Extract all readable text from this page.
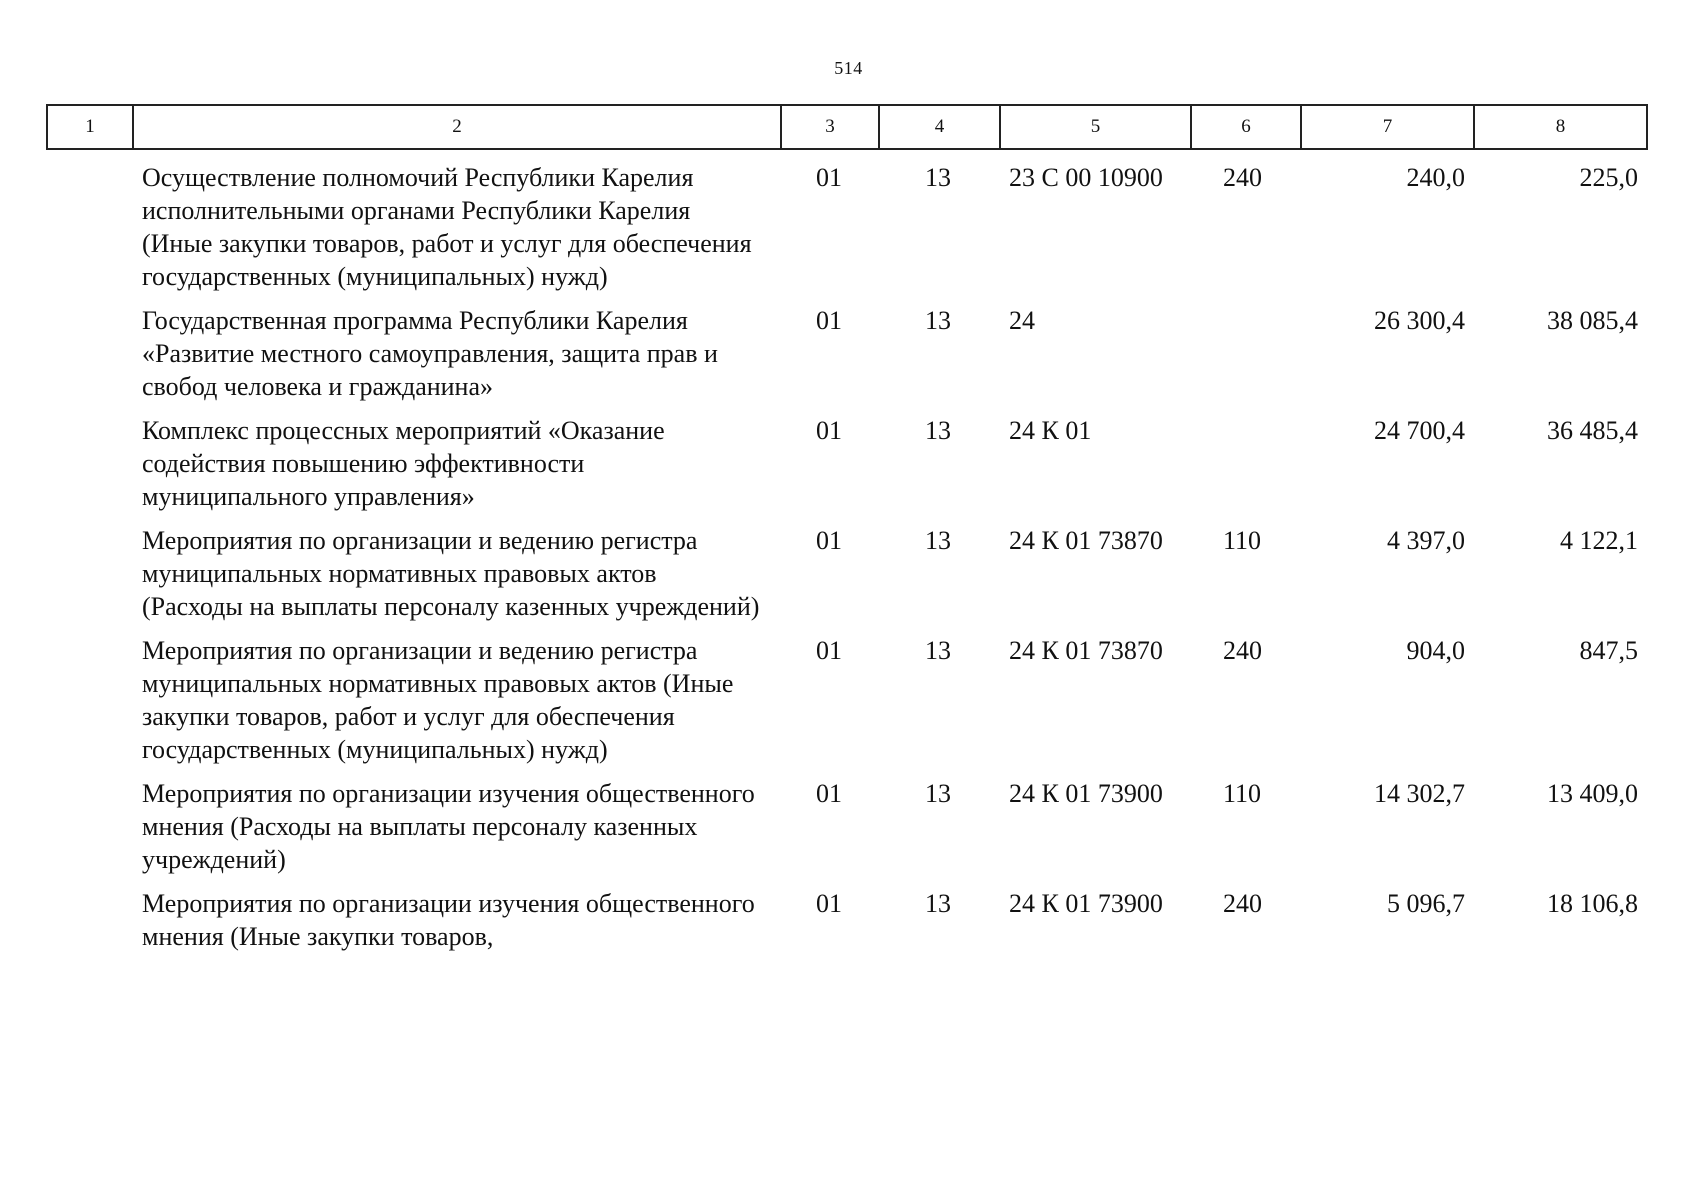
514
1	2	3	4	5	6	7	8
	Осуществление полномочий Республики Карелия исполнительными органами Республики Карелия (Иные закупки товаров, работ и услуг для обеспечения государственных (муниципальных) нужд)	01	13	23 С 00 10900	240	240,0	225,0
	Государственная программа Республики Карелия «Развитие местного самоуправления, защита прав и свобод человека и гражданина»	01	13	24		26 300,4	38 085,4
	Комплекс процессных мероприятий «Оказание содействия повышению эффективности муниципального управления»	01	13	24 К 01		24 700,4	36 485,4
	Мероприятия по организации и ведению регистра муниципальных нормативных правовых актов (Расходы на выплаты персоналу казенных учреждений)	01	13	24 К 01 73870	110	4 397,0	4 122,1
	Мероприятия по организации и ведению регистра муниципальных нормативных правовых актов (Иные закупки товаров, работ и услуг для обеспечения государственных (муниципальных) нужд)	01	13	24 К 01 73870	240	904,0	847,5
	Мероприятия по организации изучения общественного мнения (Расходы на выплаты персоналу казенных учреждений)	01	13	24 К 01 73900	110	14 302,7	13 409,0
	Мероприятия по организации изучения общественного мнения (Иные закупки товаров,	01	13	24 К 01 73900	240	5 096,7	18 106,8
